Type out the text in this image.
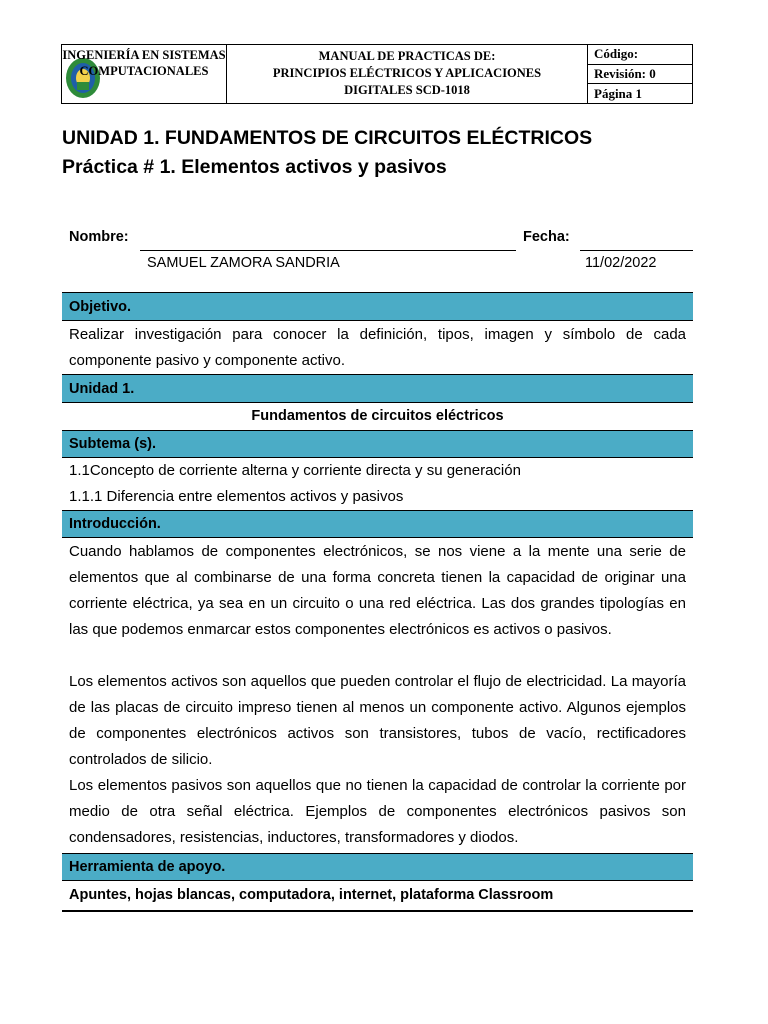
INGENIERÍA EN SISTEMAS COMPUTACIONALES
MANUAL DE PRACTICAS DE:
PRINCIPIOS ELÉCTRICOS Y APLICACIONES
DIGITALES SCD-1018
Código:
Revisión: 0
Página 1
UNIDAD 1. FUNDAMENTOS DE CIRCUITOS ELÉCTRICOS
Práctica # 1. Elementos activos y pasivos
Nombre:
SAMUEL ZAMORA SANDRIA
Fecha:
11/02/2022
Objetivo.
Realizar investigación para conocer la definición, tipos, imagen y símbolo de cada componente pasivo y componente activo.
Unidad 1.
Fundamentos de circuitos eléctricos
Subtema (s).
1.1Concepto de corriente alterna y corriente directa y su generación
1.1.1 Diferencia entre elementos activos y pasivos
Introducción.
Cuando hablamos de componentes electrónicos, se nos viene a la mente una serie de elementos que al combinarse de una forma concreta tienen la capacidad de originar una corriente eléctrica, ya sea en un circuito o una red eléctrica. Las dos grandes tipologías en las que podemos enmarcar estos componentes electrónicos es activos o pasivos.
Los elementos activos son aquellos que pueden controlar el flujo de electricidad. La mayoría de las placas de circuito impreso tienen al menos un componente activo. Algunos ejemplos de componentes electrónicos activos son transistores, tubos de vacío, rectificadores controlados de silicio.
Los elementos pasivos son aquellos que no tienen la capacidad de controlar la corriente por medio de otra señal eléctrica. Ejemplos de componentes electrónicos pasivos son condensadores, resistencias, inductores, transformadores y diodos.
Herramienta de apoyo.
Apuntes, hojas blancas, computadora, internet, plataforma Classroom
